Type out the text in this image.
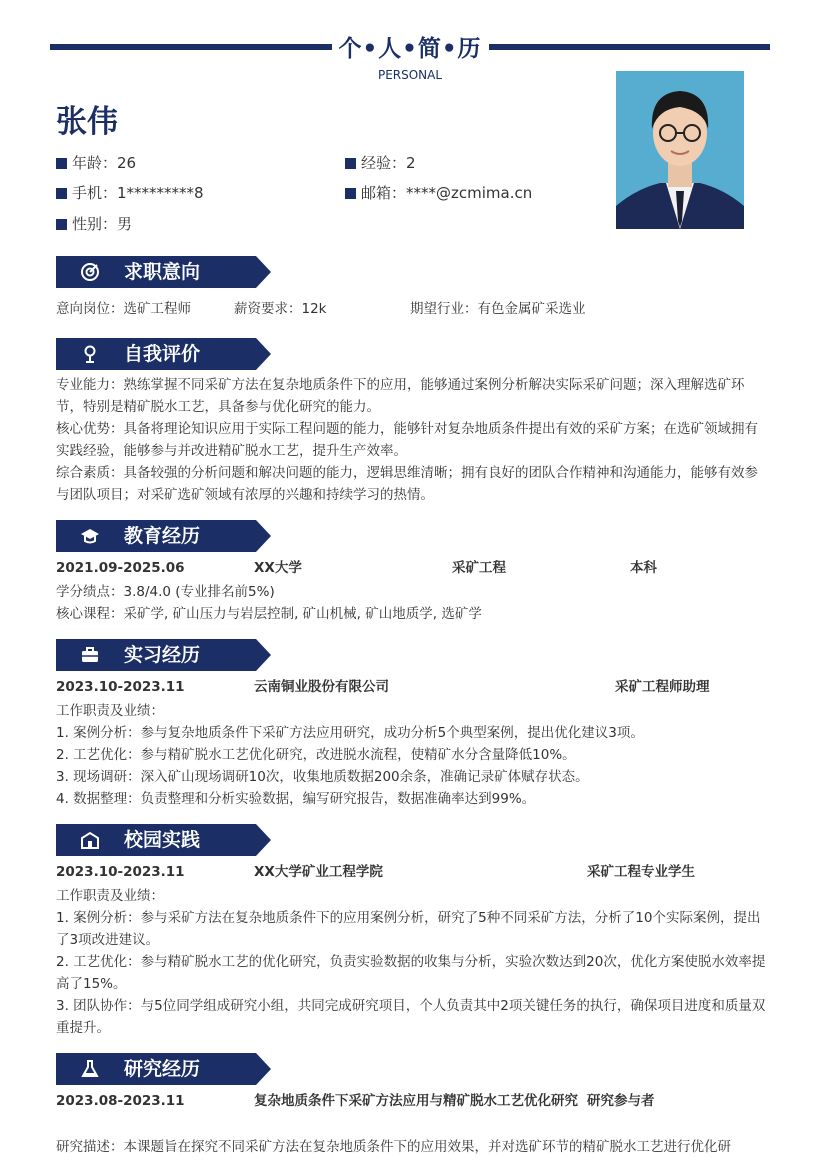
个•人•简•历
PERSONAL
张伟
年龄：26	经验：2
手机：1*********8	邮箱：****@zcmima.cn
性别：男
求职意向
意向岗位：选矿工程师	薪资要求：12k	期望行业：有色金属矿采选业
自我评价
专业能力：熟练掌握不同采矿方法在复杂地质条件下的应用，能够通过案例分析解决实际采矿问题；深入理解选矿环节，特别是精矿脱水工艺，具备参与优化研究的能力。
核心优势：具备将理论知识应用于实际工程问题的能力，能够针对复杂地质条件提出有效的采矿方案；在选矿领域拥有实践经验，能够参与并改进精矿脱水工艺，提升生产效率。
综合素质：具备较强的分析问题和解决问题的能力，逻辑思维清晰；拥有良好的团队合作精神和沟通能力，能够有效参与团队项目；对采矿选矿领域有浓厚的兴趣和持续学习的热情。
教育经历
2021.09-2025.06	XX大学	采矿工程	本科
学分绩点：3.8/4.0 (专业排名前5%)
核心课程：采矿学, 矿山压力与岩层控制, 矿山机械, 矿山地质学, 选矿学
实习经历
2023.10-2023.11	云南铜业股份有限公司	采矿工程师助理
工作职责及业绩：
1. 案例分析：参与复杂地质条件下采矿方法应用研究，成功分析5个典型案例，提出优化建议3项。
2. 工艺优化：参与精矿脱水工艺优化研究，改进脱水流程，使精矿水分含量降低10%。
3. 现场调研：深入矿山现场调研10次，收集地质数据200余条，准确记录矿体赋存状态。
4. 数据整理：负责整理和分析实验数据，编写研究报告，数据准确率达到99%。
校园实践
2023.10-2023.11	XX大学矿业工程学院	采矿工程专业学生
工作职责及业绩：
1. 案例分析：参与采矿方法在复杂地质条件下的应用案例分析，研究了5种不同采矿方法，分析了10个实际案例，提出了3项改进建议。
2. 工艺优化：参与精矿脱水工艺的优化研究，负责实验数据的收集与分析，实验次数达到20次，优化方案使脱水效率提高了15%。
3. 团队协作：与5位同学组成研究小组，共同完成研究项目，个人负责其中2项关键任务的执行，确保项目进度和质量双重提升。
研究经历
2023.08-2023.11	复杂地质条件下采矿方法应用与精矿脱水工艺优化研究 研究参与者
研究描述：本课题旨在探究不同采矿方法在复杂地质条件下的应用效果，并对选矿环节的精矿脱水工艺进行优化研
